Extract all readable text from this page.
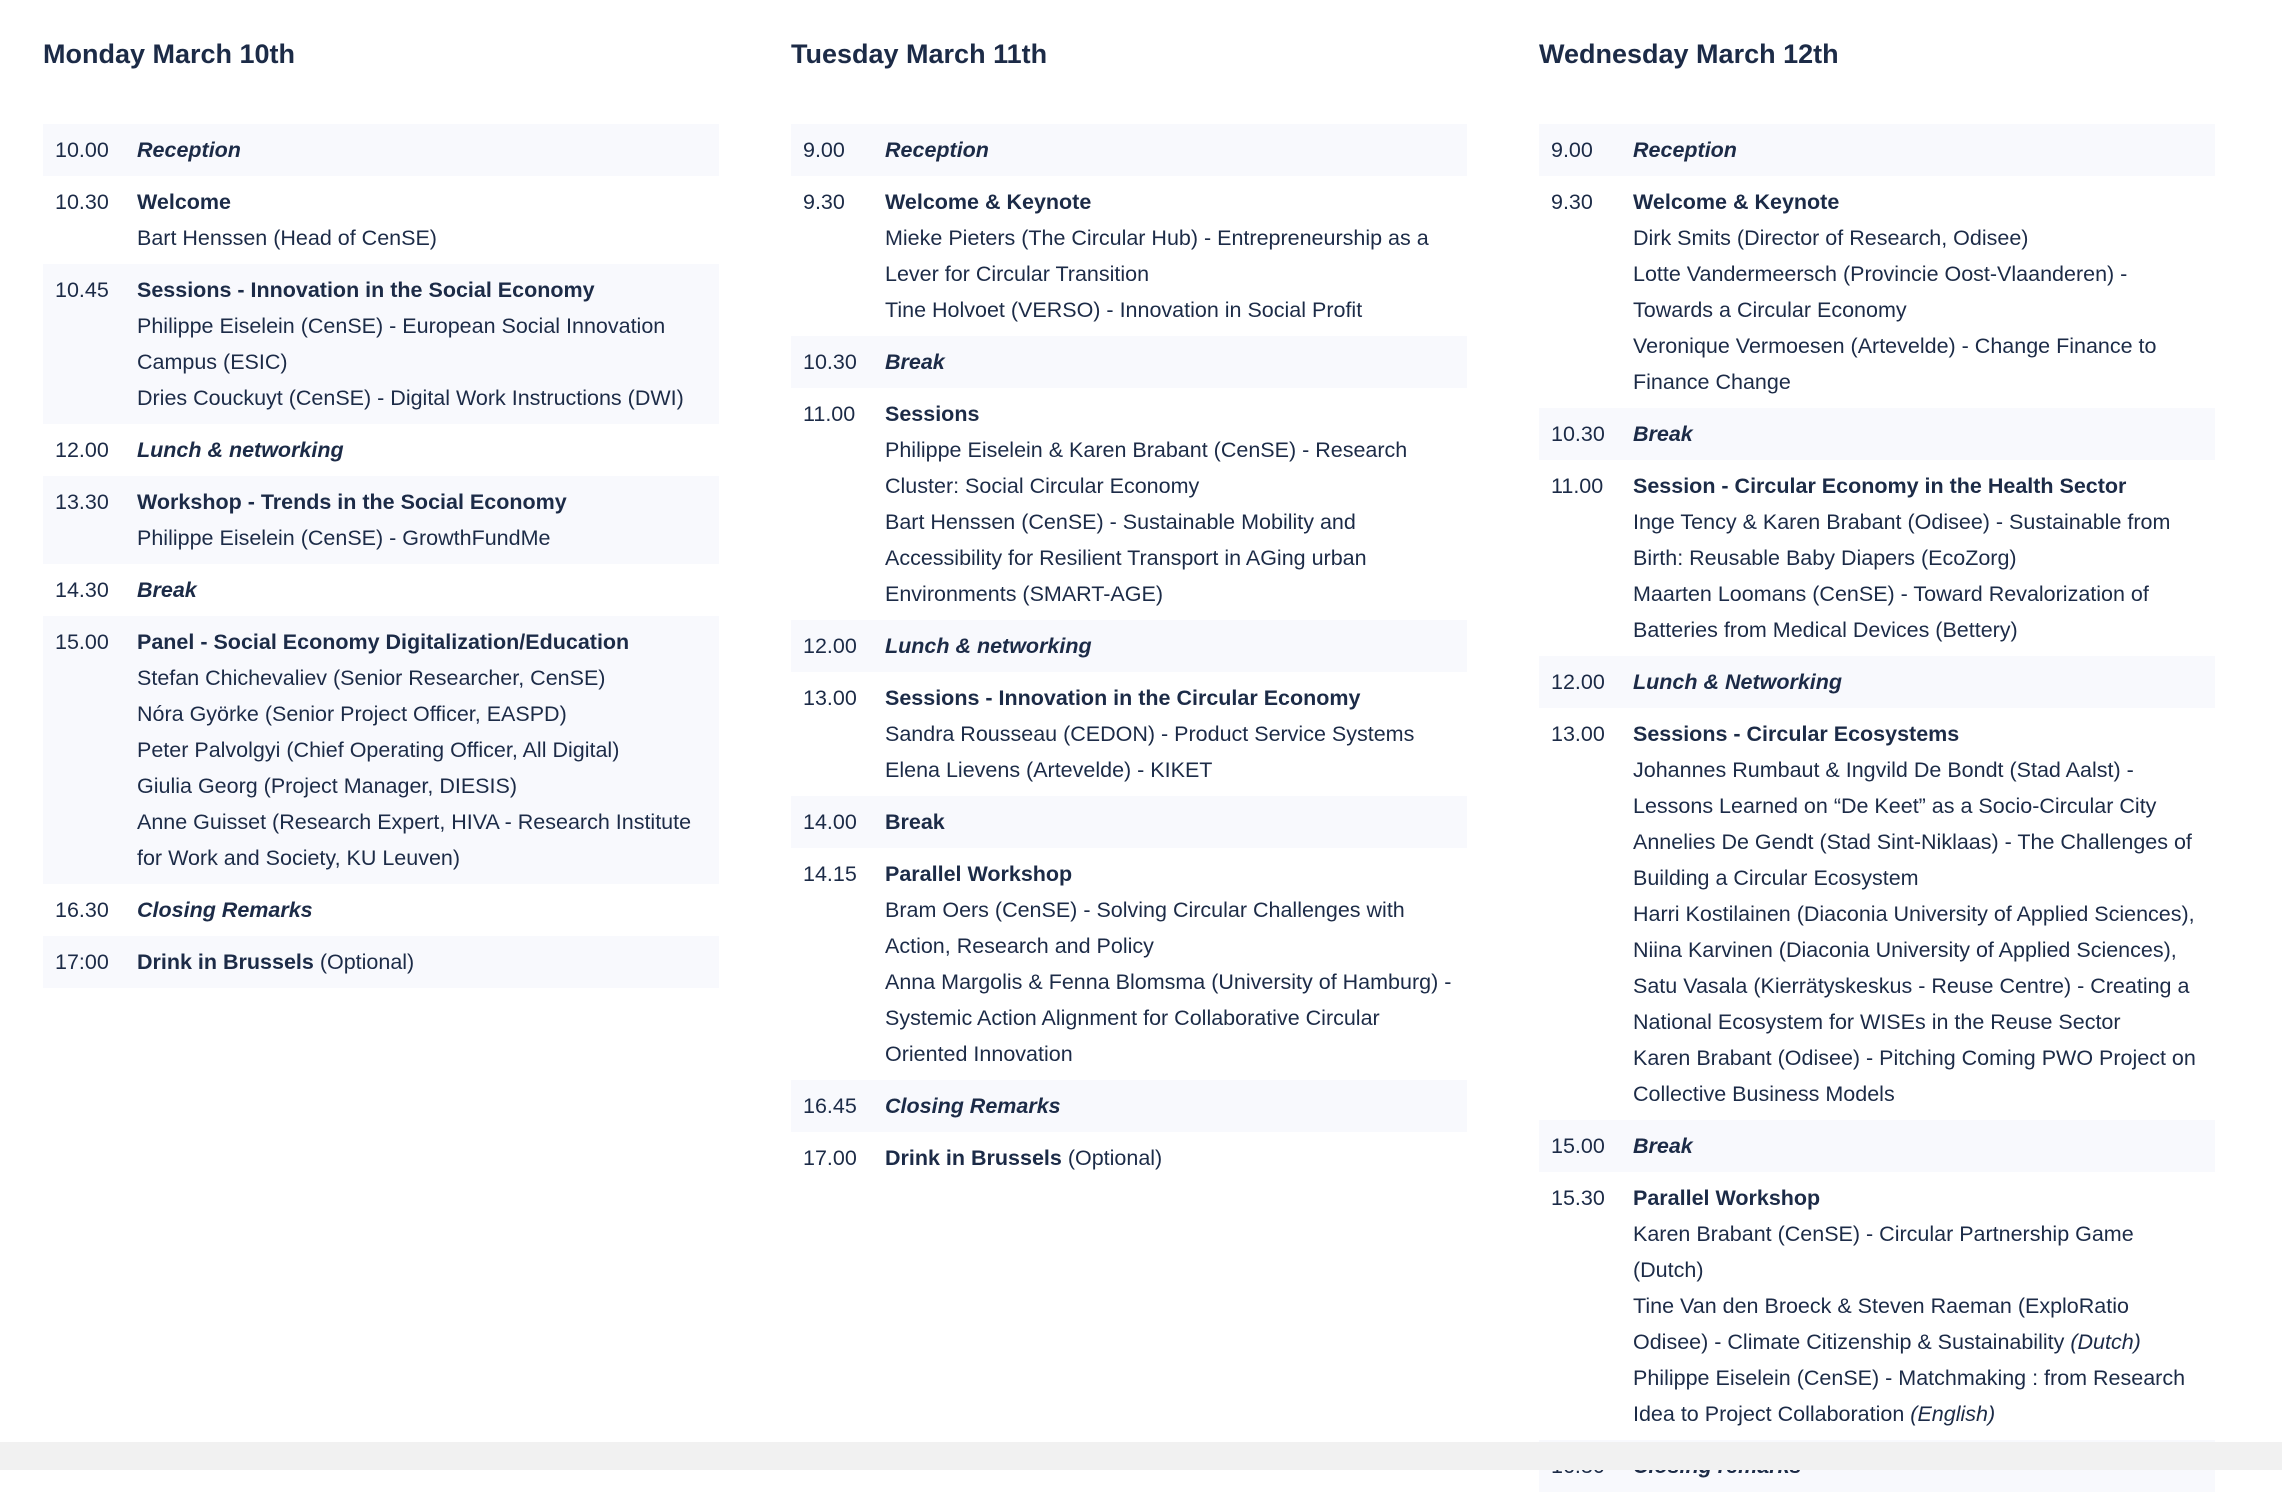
Monday March 10th
10.00	Reception
10.30	Welcome
Bart Henssen (Head of CenSE)
10.45	Sessions - Innovation in the Social Economy
Philippe Eiselein (CenSE) - European Social Innovation Campus (ESIC)
Dries Couckuyt (CenSE) - Digital Work Instructions (DWI)
12.00	Lunch & networking
13.30	Workshop - Trends in the Social Economy
Philippe Eiselein (CenSE) - GrowthFundMe
14.30	Break
15.00	Panel - Social Economy Digitalization/Education
Stefan Chichevaliev (Senior Researcher, CenSE)
Nóra Györke (Senior Project Officer, EASPD)
Peter Palvolgyi (Chief Operating Officer, All Digital)
Giulia Georg (Project Manager, DIESIS)
Anne Guisset (Research Expert, HIVA - Research Institute for Work and Society, KU Leuven)
16.30	Closing Remarks
17:00	Drink in Brussels (Optional)
Tuesday March 11th
9.00	Reception
9.30	Welcome & Keynote
Mieke Pieters (The Circular Hub) - Entrepreneurship as a Lever for Circular Transition
Tine Holvoet (VERSO) - Innovation in Social Profit
10.30	Break
11.00	Sessions
Philippe Eiselein & Karen Brabant (CenSE) - Research Cluster: Social Circular Economy
Bart Henssen (CenSE) - Sustainable Mobility and Accessibility for Resilient Transport in AGing urban Environments (SMART-AGE)
12.00	Lunch & networking
13.00	Sessions - Innovation in the Circular Economy
Sandra Rousseau (CEDON) - Product Service Systems
Elena Lievens (Artevelde) - KIKET
14.00	Break
14.15	Parallel Workshop
Bram Oers (CenSE) - Solving Circular Challenges with Action, Research and Policy
Anna Margolis & Fenna Blomsma (University of Hamburg) - Systemic Action Alignment for Collaborative Circular Oriented Innovation
16.45	Closing Remarks
17.00	Drink in Brussels (Optional)
Wednesday March 12th
9.00	Reception
9.30	Welcome & Keynote
Dirk Smits (Director of Research, Odisee)
Lotte Vandermeersch (Provincie Oost-Vlaanderen) - Towards a Circular Economy
Veronique Vermoesen (Artevelde) - Change Finance to Finance Change
10.30	Break
11.00	Session - Circular Economy in the Health Sector
Inge Tency & Karen Brabant (Odisee) - Sustainable from Birth: Reusable Baby Diapers (EcoZorg)
Maarten Loomans (CenSE) - Toward Revalorization of Batteries from Medical Devices (Bettery)
12.00	Lunch & Networking
13.00	Sessions - Circular Ecosystems
Johannes Rumbaut & Ingvild De Bondt (Stad Aalst) - Lessons Learned on “De Keet” as a Socio-Circular City
Annelies De Gendt (Stad Sint-Niklaas) - The Challenges of Building a Circular Ecosystem
Harri Kostilainen (Diaconia University of Applied Sciences), Niina Karvinen (Diaconia University of Applied Sciences), Satu Vasala (Kierrätyskeskus - Reuse Centre) - Creating a National Ecosystem for WISEs in the Reuse Sector
Karen Brabant (Odisee) - Pitching Coming PWO Project on Collective Business Models
15.00	Break
15.30	Parallel Workshop
Karen Brabant (CenSE) - Circular Partnership Game (Dutch)
Tine Van den Broeck & Steven Raeman (ExploRatio Odisee) - Climate Citizenship & Sustainability (Dutch)
Philippe Eiselein (CenSE) - Matchmaking : from Research Idea to Project Collaboration (English)
